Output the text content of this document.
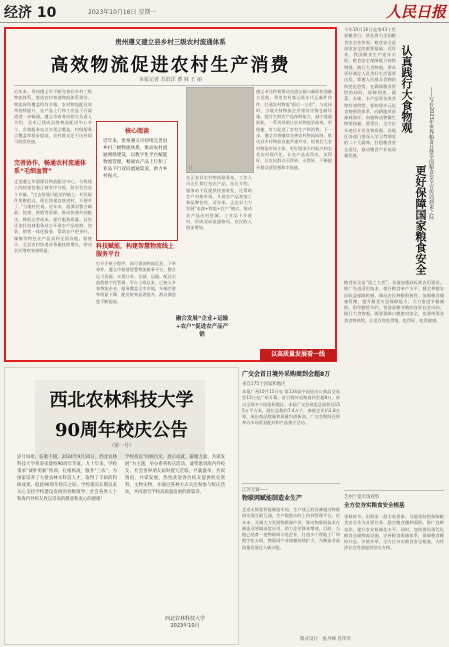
经济 10	2023年10月16日 星期一	人民日报
贵州遵义建立县乡村三级农村流通体系
高效物流促进农村生产消费
本报记者 苏滨洋 曹 林 王 丽
近年来，贵州遵义市不断完善县乡村三级物流体系，推进农村寄递物流体系建设，物流网络覆盖所有乡镇，农村物流配送效率持续提升，农产品上行和工业品下行渠道进一步畅通。遵义市商务局相关负责人介绍，全市已建成县级物流配送中心多个，乡镇服务站点实现全覆盖，村级服务点覆盖率稳步提高，农村群众足不出村即可收发快递。
完善协作，畅通农村流通体系“毛细血管”
走进遵义市湄潭县物流配送中心，分拣线上的快递包裹正被有序分拣，装车发往各个乡镇。“过去快递只能送到镇上，村民取件要跑很远，现在快递直接进村，方便多了。”当地村民说。近年来，湄潭县整合邮政、快递、供销等资源，推动快递共同配送，降低运营成本，提升服务质量。县里还依托电商服务站点开展农产品收购、包装、销售一体化服务，帮助农户把茶叶、辣椒等特色农产品卖到全国各地。据统计，全县农村快递业务量持续增长，带动农民增收效果明显。
核心阅读
近年来，贵州遵义市持续完善县乡村三级物流体系，推动农村流通网络建设，以数字化平台赋能物流管理，畅通农产品上行和工业品下行双向流通渠道，助力乡村振兴。
科技赋能，构建智慧物流线上服务平台
打开手机小程序，即可查询物流信息、下单寄件。遵义市搭建智慧物流服务平台，整合运力资源，实现订单、仓储、运输、配送全流程数字化管理。平台上线以来，已接入多家物流企业，服务覆盖全市乡镇，车辆空驶率明显下降，配送时效显著提升，群众满意度不断提高。
▢
在正安县农村物流服务站，工作人员正忙着打包农产品。站长介绍，服务站不仅提供快递收发，还帮助农户对接市场，开展农产品初加工和品牌包装。近年来，正安县大力发展“电商+物流+农户”模式，推动农产品出村进城，工业品下乡进村，形成双向流通格局，农民收入稳步增加。
融合发展“企业+运输+农户”促进农产品产销
遵义市还积极推动交通运输与邮政快递融合发展，利用农村客运班车代运邮件快件，打通农村物流“最后一公里”。与此同时，当地支持物流企业建设冷链仓储设施，提升生鲜农产品保鲜能力，减少流通损耗。一系列举措让农村物流更高效、更便捷，有力促进了农村生产和消费。下一步，遵义市将继续完善农村物流网络，推动县乡村物流设施共建共享，培育壮大农村物流市场主体，更好服务乡村振兴和农业农村现代化，让农产品卖得出、卖得好，让农民群众买得到、买得好，不断提升群众获得感和幸福感。
以高质量发展看一线
今年10月16日是第43个世界粮食日，所在周为全国粮食安全宣传周。粮食安全是国家安全的重要基础。近年来，我国粮食生产连年丰收，粮食安全保障能力持续增强。践行大食物观，要从更好满足人民美好生活需要出发，掌握人民群众食物结构变化趋势，在确保粮食供给的同时，保障肉类、蔬菜、水果、水产品等各类食物有效供给。要构建多元化食物供给体系，向耕地草原森林海洋、向植物动物微生物要热量、要蛋白，全方位多途径开发食物资源。各地区各部门要深入学习贯彻党的二十大精神，扛稳粮食安全责任，推动粮食产业高质量发展。
认真践行大食物观
更好保障国家粮食安全
——写在2023年世界粮食日暨全国粮食安全宣传周到来之际
西北农林科技大学
90周年校庆公告
（第一号）
岁月如歌，弦歌不辍。2024年9月10日，西北农林科技大学将迎来建校90周年华诞。九十年来，学校秉承“诚朴勇毅”校训，扎根杨凌，服务“三农”，为国家培养了大批农林水科技人才，取得了丰硕的科研成果。值此90周年校庆之际，学校谨向长期以来关心支持学校建设发展的各级领导、社会各界人士和海内外校友致以崇高的敬意和衷心的感谢！
学校将以“回顾历史、展示成就、凝聚力量、共谋发展”为主题，举办系列校庆活动。诚挚邀请海内外校友、社会各界朋友届时拨冗莅临，共襄盛举，共叙情谊，共谋发展。热忱欢迎各位校友提供校史资料、文物实物，并通过各种方式关注和参与校庆活动，共同谱写学校高质量发展的新篇章。
西北农林科技大学
2023年10月
广交会首日境外采购商到会超8万
来自175个国家和地区
本报广州10月15日电 第134届中国进出口商品交易会15日在广州开幕。首日境外采购商到会超8万，来自全球多个国家和地区。本届广交会展览总面积达155万平方米，展位总数约7.4万个，参展企业约2.8万家，展出商品数量和质量均创新高。广交会期间还将举办多场贸易配对和产品推介活动。
江苏无锡——
物联网赋能制造业生产
走进无锡某智能制造车间，生产线上的设备通过物联网实现互联互通，生产数据实时上传到管理平台。近年来，无锡大力发展物联网产业，推动物联网技术在制造业领域深度应用，助力企业降本增效。目前，当地已培育一批物联网示范企业，打造多个智能工厂和数字化车间，物联网产业规模持续扩大，为制造业高质量发展注入新动能。
粮食安全是“国之大者”。各地加强高标准农田建设，推广先进适用技术，提升粮食单产水平；健全种粮农民收益保障机制，调动农民种粮积极性；加强粮食储备管理，提升粮食应急保障能力；大力推进节粮减损，倡导勤俭节约，营造爱粮节粮的良好社会风尚。践行大食物观，既要保障口粮绝对安全，也要统筹各类食物供给，让老百姓吃得饱、吃得好、吃得健康。
芝州宁夏市场观察
全方位夯实粮食安全根基
金秋时节，田野里一派丰收景象。当地坚持把保障粮食安全作为首要任务，稳定粮食播种面积，推广良种良法，提升农业机械化水平。同时，加快建设现代化粮食仓储物流设施，完善粮食收储体系，保障粮食颗粒归仓。多措并举，全方位夯实粮食安全根基，为经济社会发展提供坚实支撑。
版式设计：张丹峰 肖伟华
